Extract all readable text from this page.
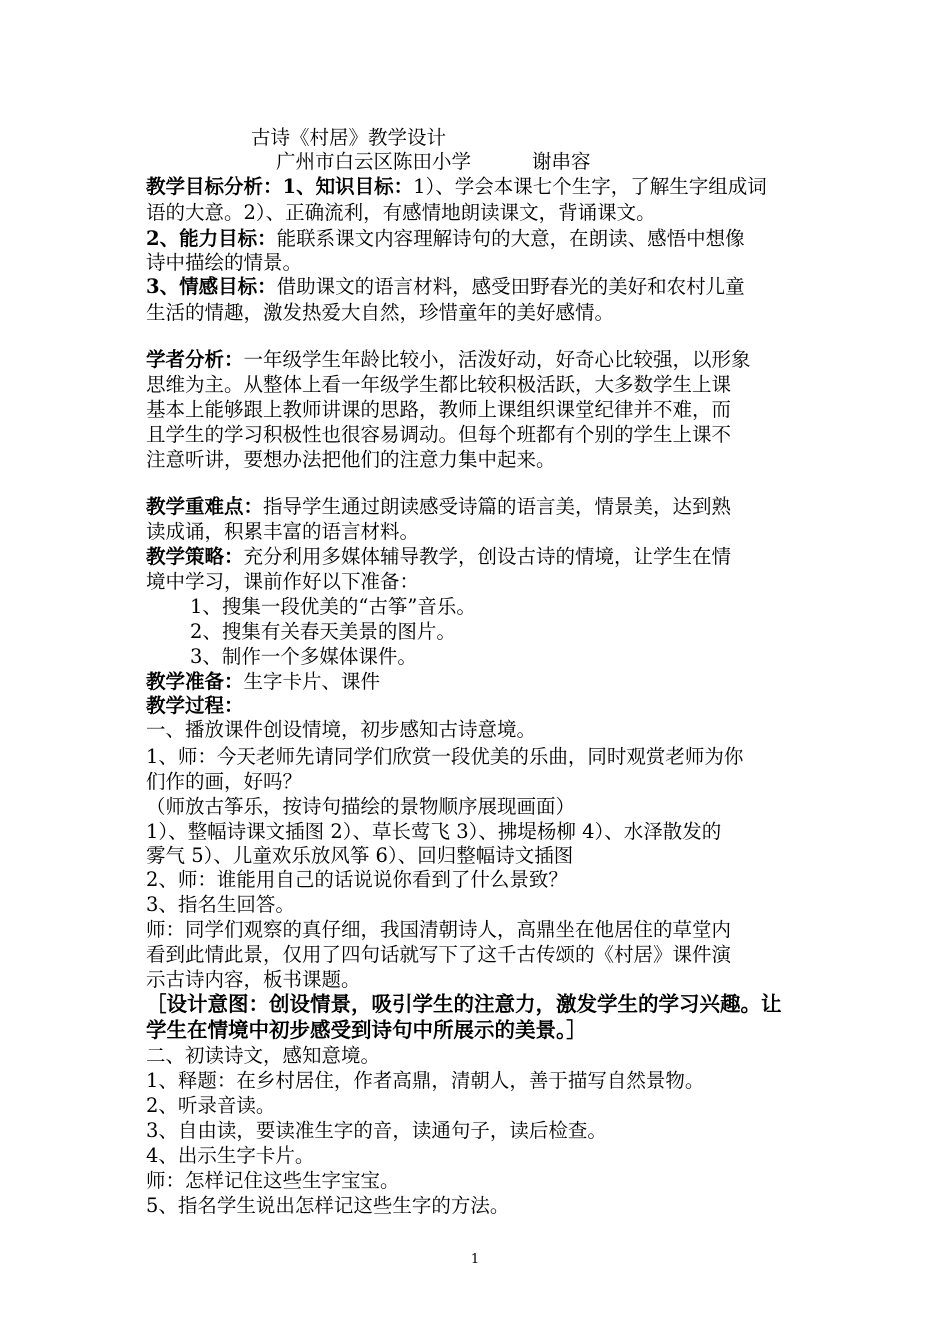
古诗《村居》教学设计
广州市白云区陈田小学	谢串容
教学目标分析：1、知识目标：1）、学会本课七个生字，了解生字组成词
语的大意。2）、正确流利，有感情地朗读课文，背诵课文。
2、能力目标：能联系课文内容理解诗句的大意，在朗读、感悟中想像
诗中描绘的情景。
3、情感目标：借助课文的语言材料，感受田野春光的美好和农村儿童
生活的情趣，激发热爱大自然，珍惜童年的美好感情。
学者分析：一年级学生年龄比较小，活泼好动，好奇心比较强，以形象
思维为主。从整体上看一年级学生都比较积极活跃，大多数学生上课
基本上能够跟上教师讲课的思路，教师上课组织课堂纪律并不难，而
且学生的学习积极性也很容易调动。但每个班都有个别的学生上课不
注意听讲，要想办法把他们的注意力集中起来。
教学重难点：指导学生通过朗读感受诗篇的语言美，情景美，达到熟
读成诵，积累丰富的语言材料。
教学策略：充分利用多媒体辅导教学，创设古诗的情境，让学生在情
境中学习，课前作好以下准备：
1、搜集一段优美的“古筝”音乐。
2、搜集有关春天美景的图片。
3、制作一个多媒体课件。
教学准备：生字卡片、课件
教学过程：
一、播放课件创设情境，初步感知古诗意境。
1、师：今天老师先请同学们欣赏一段优美的乐曲，同时观赏老师为你
们作的画，好吗？
（师放古筝乐，按诗句描绘的景物顺序展现画面）
1）、整幅诗课文插图 2）、草长莺飞 3）、拂堤杨柳 4）、水泽散发的
雾气 5）、儿童欢乐放风筝 6）、回归整幅诗文插图
2、师：谁能用自己的话说说你看到了什么景致？
3、指名生回答。
师：同学们观察的真仔细，我国清朝诗人，高鼎坐在他居住的草堂内
看到此情此景，仅用了四句话就写下了这千古传颂的《村居》课件演
示古诗内容，板书课题。
［设计意图：创设情景，吸引学生的注意力，激发学生的学习兴趣。让
学生在情境中初步感受到诗句中所展示的美景。］
二、初读诗文，感知意境。
1、释题：在乡村居住，作者高鼎，清朝人，善于描写自然景物。
2、听录音读。
3、自由读，要读准生字的音，读通句子，读后检查。
4、出示生字卡片。
师：怎样记住这些生字宝宝。
5、指名学生说出怎样记这些生字的方法。
1
